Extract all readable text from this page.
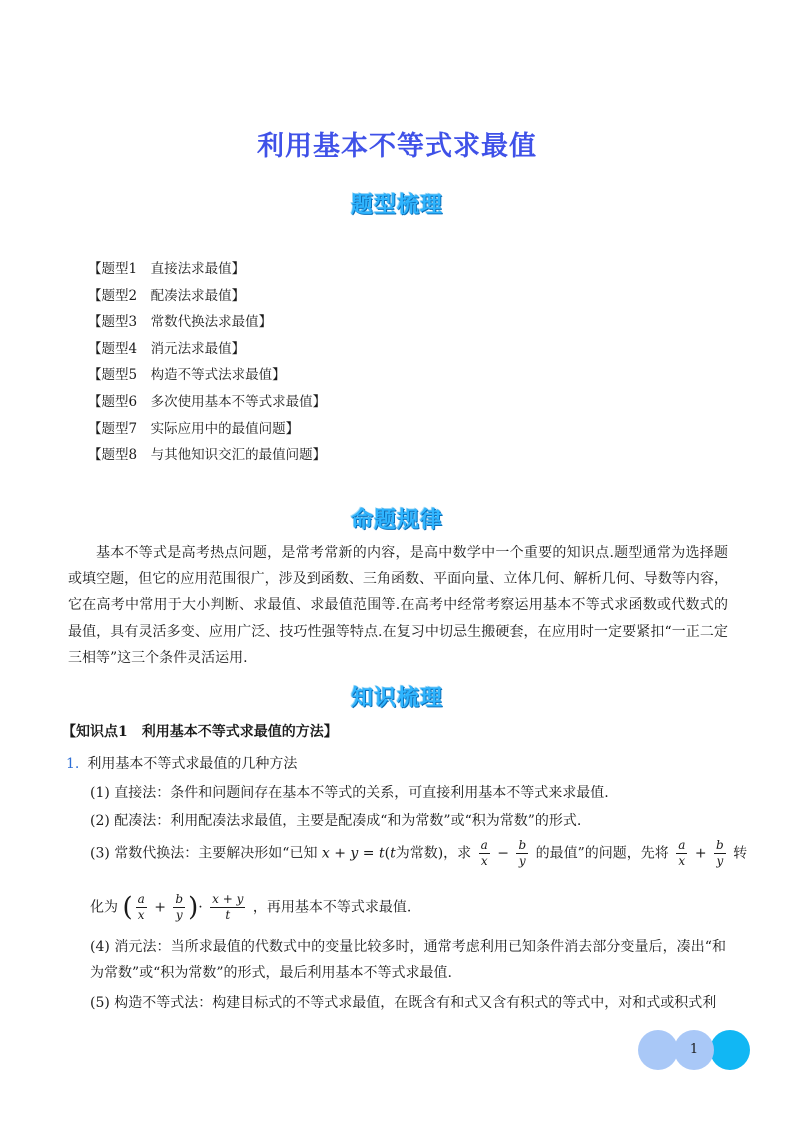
利用基本不等式求最值
题型梳理
【题型1　直接法求最值】
【题型2　配凑法求最值】
【题型3　常数代换法求最值】
【题型4　消元法求最值】
【题型5　构造不等式法求最值】
【题型6　多次使用基本不等式求最值】
【题型7　实际应用中的最值问题】
【题型8　与其他知识交汇的最值问题】
命题规律

基本不等式是高考热点问题，是常考常新的内容，是高中数学中一个重要的知识点.题型通常为选择题或填空题，但它的应用范围很广，涉及到函数、三角函数、平面向量、立体几何、解析几何、导数等内容，它在高考中常用于大小判断、求最值、求最值范围等.在高考中经常考察运用基本不等式求函数或代数式的最值，具有灵活多变、应用广泛、技巧性强等特点.在复习中切忌生搬硬套，在应用时一定要紧扣“一正二定三相等”这三个条件灵活运用.

知识梳理
【知识点1　利用基本不等式求最值的方法】
1. 利用基本不等式求最值的几种方法
(1) 直接法：条件和问题间存在基本不等式的关系，可直接利用基本不等式来求最值.
(2) 配凑法：利用配凑法求最值，主要是配凑成“和为常数”或“积为常数”的形式.
(3) 常数代换法：主要解决形如“已知 x + y = t(t为常数)，求 $\frac{a}{x} - \frac{b}{y}$ 的最值”的问题，先将 $\frac{a}{x} + \frac{b}{y}$ 转
化为 ( $\frac{a}{x} + \frac{b}{y}$ )· $\frac{x + y}{t}$ ，再用基本不等式求最值.
(4) 消元法：当所求最值的代数式中的变量比较多时，通常考虑利用已知条件消去部分变量后，凑出“和为常数”或“积为常数”的形式，最后利用基本不等式求最值.
(5) 构造不等式法：构建目标式的不等式求最值，在既含有和式又含有积式的等式中，对和式或积式利
1
